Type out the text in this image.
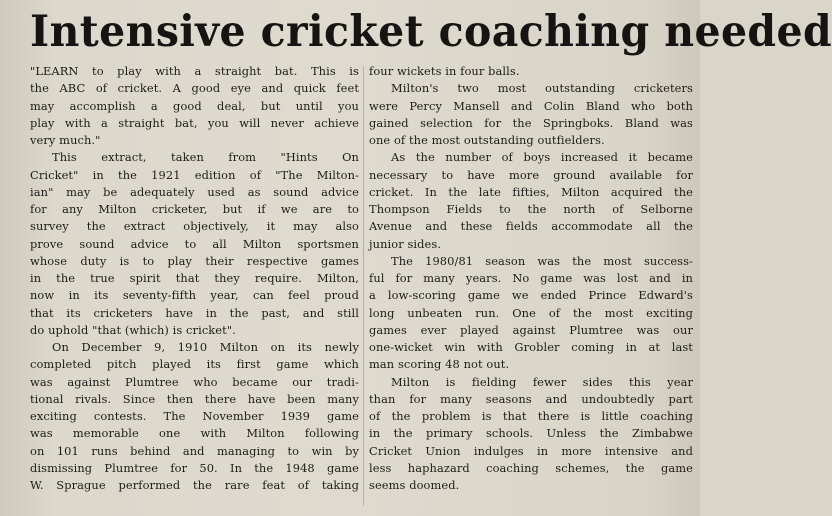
Intensive cricket coaching needed
"LEARN to play with a straight bat. This is
the ABC of cricket. A good eye and quick feet
may accomplish a good deal, but until you
play with a straight bat, you will never achieve
very much."
This extract, taken from "Hints On
Cricket" in the 1921 edition of "The Milton-
ian" may be adequately used as sound advice
for any Milton cricketer, but if we are to
survey the extract objectively, it may also
prove sound advice to all Milton sportsmen
whose duty is to play their respective games
in the true spirit that they require. Milton,
now in its seventy-fifth year, can feel proud
that its cricketers have in the past, and still
do uphold "that (which) is cricket".
On December 9, 1910 Milton on its newly
completed pitch played its first game which
was against Plumtree who became our tradi-
tional rivals. Since then there have been many
exciting contests. The November 1939 game
was memorable one with Milton following
on 101 runs behind and managing to win by
dismissing Plumtree for 50. In the 1948 game
W. Sprague performed the rare feat of taking
four wickets in four balls.
Milton's two most outstanding cricketers
were Percy Mansell and Colin Bland who both
gained selection for the Springboks. Bland was
one of the most outstanding outfielders.
As the number of boys increased it became
necessary to have more ground available for
cricket. In the late fifties, Milton acquired the
Thompson Fields to the north of Selborne
Avenue and these fields accommodate all the
junior sides.
The 1980/81 season was the most success-
ful for many years. No game was lost and in
a low-scoring game we ended Prince Edward's
long unbeaten run. One of the most exciting
games ever played against Plumtree was our
one-wicket win with Grobler coming in at last
man scoring 48 not out.
Milton is fielding fewer sides this year
than for many seasons and undoubtedly part
of the problem is that there is little coaching
in the primary schools. Unless the Zimbabwe
Cricket Union indulges in more intensive and
less haphazard coaching schemes, the game
seems doomed.
